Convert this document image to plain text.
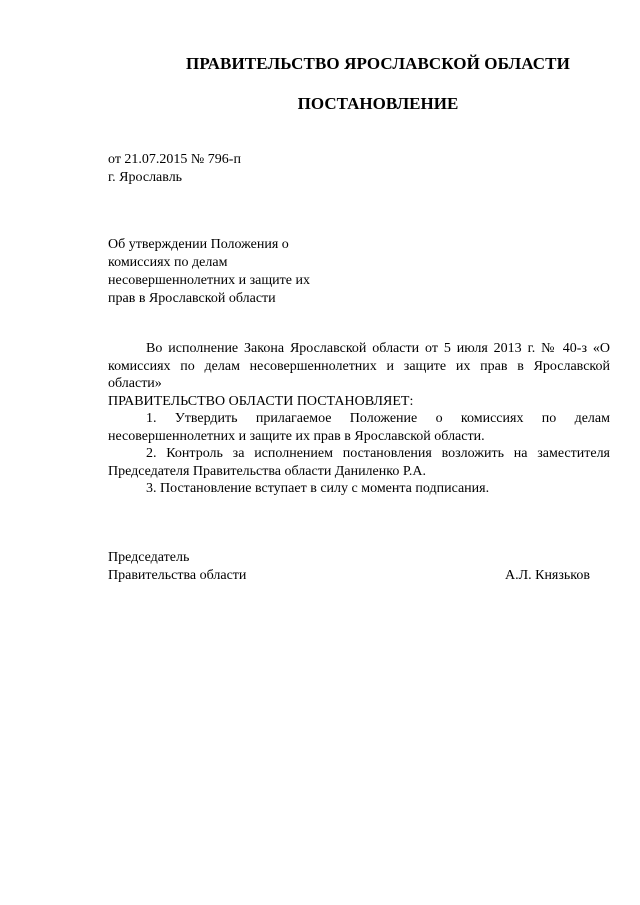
ПРАВИТЕЛЬСТВО ЯРОСЛАВСКОЙ ОБЛАСТИ
ПОСТАНОВЛЕНИЕ
от 21.07.2015 № 796-п
г. Ярославль
Об утверждении Положения о
комиссиях по делам
несовершеннолетних и защите их
прав в Ярославской области

Во исполнение Закона Ярославской области от 5 июля 2013 г. № 40-з «О комиссиях по делам несовершеннолетних и защите их прав в Ярославской области»

ПРАВИТЕЛЬСТВО ОБЛАСТИ ПОСТАНОВЛЯЕТ:

1. Утвердить прилагаемое Положение о комиссиях по делам несовершеннолетних и защите их прав в Ярославской области.

2. Контроль за исполнением постановления возложить на заместителя Председателя Правительства области Даниленко Р.А.

3. Постановление вступает в силу с момента подписания.

Председатель
Правительства области	А.Л. Князьков
